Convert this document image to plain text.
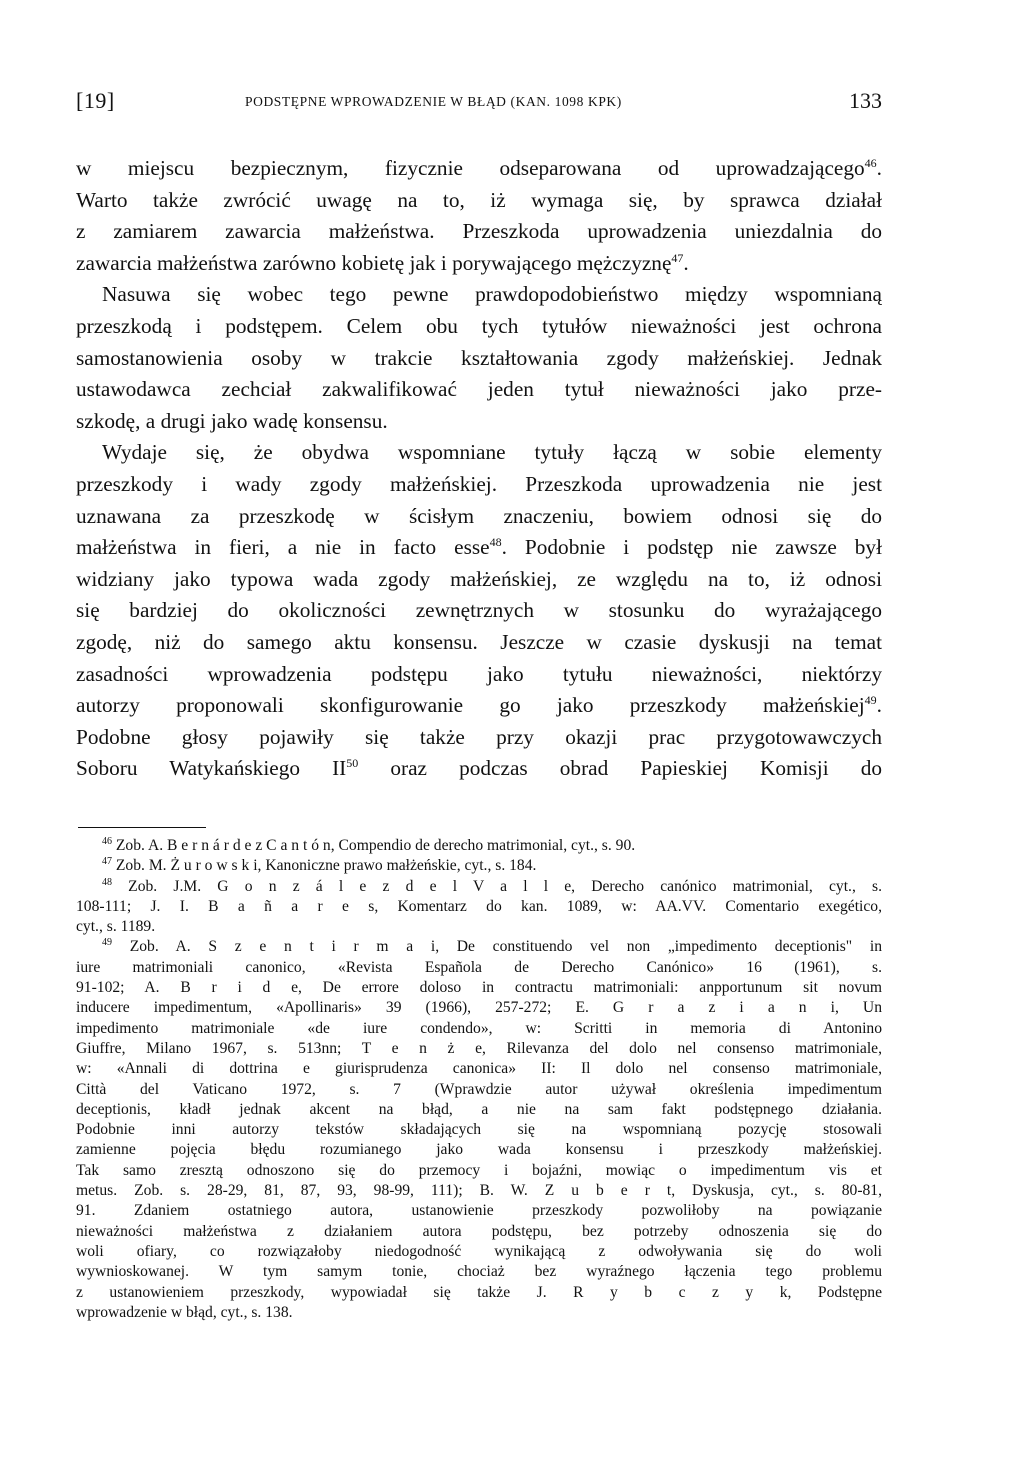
[19]	PODSTĘPNE WPROWADZENIE W BŁĄD (KAN. 1098 KPK)	133
w miejscu bezpiecznym, fizycznie odseparowana od uprowadzającego$^{46}$.
Warto także zwrócić uwagę na to, iż wymaga się, by sprawca działał
z zamiarem zawarcia małżeństwa. Przeszkoda uprowadzenia uniezdalnia do
zawarcia małżeństwa zarówno kobietę jak i porywającego mężczyznę$^{47}$.
Nasuwa się wobec tego pewne prawdopodobieństwo między wspomnianą
przeszkodą i podstępem. Celem obu tych tytułów nieważności jest ochrona
samostanowienia osoby w trakcie kształtowania zgody małżeńskiej. Jednak
ustawodawca zechciał zakwalifikować jeden tytuł nieważności jako prze-
szkodę, a drugi jako wadę konsensu.
Wydaje się, że obydwa wspomniane tytuły łączą w sobie elementy
przeszkody i wady zgody małżeńskiej. Przeszkoda uprowadzenia nie jest
uznawana za przeszkodę w ścisłym znaczeniu, bowiem odnosi się do
małżeństwa in fieri, a nie in facto esse$^{48}$. Podobnie i podstęp nie zawsze był
widziany jako typowa wada zgody małżeńskiej, ze względu na to, iż odnosi
się bardziej do okoliczności zewnętrznych w stosunku do wyrażającego
zgodę, niż do samego aktu konsensu. Jeszcze w czasie dyskusji na temat
zasadności wprowadzenia podstępu jako tytułu nieważności, niektórzy
autorzy proponowali skonfigurowanie go jako przeszkody małżeńskiej$^{49}$.
Podobne głosy pojawiły się także przy okazji prac przygotowawczych
Soboru Watykańskiego II$^{50}$ oraz podczas obrad Papieskiej Komisji do
$^{46}$ Zob. A. B e r n á r d e z C a n t ó n, Compendio de derecho matrimonial, cyt., s. 90.
$^{47}$ Zob. M. Ż u r o w s k i, Kanoniczne prawo małżeńskie, cyt., s. 184.
$^{48}$ Zob. J.M. G o n z á l e z d e l V a l l e, Derecho canónico matrimonial, cyt., s.
108-111; J. I. B a ñ a r e s, Komentarz do kan. 1089, w: AA.VV. Comentario exegético,
cyt., s. 1189.
$^{49}$ Zob. A. S z e n t i r m a i, De constituendo vel non „impedimento deceptionis" in
iure matrimoniali canonico, «Revista Española de Derecho Canónico» 16 (1961), s.
91-102; A. B r i d e, De errore doloso in contractu matrimoniali: anpportunum sit novum
inducere impedimentum, «Apollinaris» 39 (1966), 257-272; E. G r a z i a n i, Un
impedimento matrimoniale «de iure condendo», w: Scritti in memoria di Antonino
Giuffre, Milano 1967, s. 513nn; T e n ż e, Rilevanza del dolo nel consenso matrimoniale,
w: «Annali di dottrina e giurisprudenza canonica» II: Il dolo nel consenso matrimoniale,
Città del Vaticano 1972, s. 7 (Wprawdzie autor używał określenia impedimentum
deceptionis, kładł jednak akcent na błąd, a nie na sam fakt podstępnego działania.
Podobnie inni autorzy tekstów składających się na wspomnianą pozycję stosowali
zamienne pojęcia błędu rozumianego jako wada konsensu i przeszkody małżeńskiej.
Tak samo zresztą odnoszono się do przemocy i bojaźni, mowiąc o impedimentum vis et
metus. Zob. s. 28-29, 81, 87, 93, 98-99, 111); B. W. Z u b e r t, Dyskusja, cyt., s. 80-81,
91. Zdaniem ostatniego autora, ustanowienie przeszkody pozwoliłoby na powiązanie
nieważności małżeństwa z działaniem autora podstępu, bez potrzeby odnoszenia się do
woli ofiary, co rozwiązałoby niedogodność wynikającą z odwoływania się do woli
wywnioskowanej. W tym samym tonie, chociaż bez wyraźnego łączenia tego problemu
z ustanowieniem przeszkody, wypowiadał się także J. R y b c z y k, Podstępne
wprowadzenie w błąd, cyt., s. 138.
